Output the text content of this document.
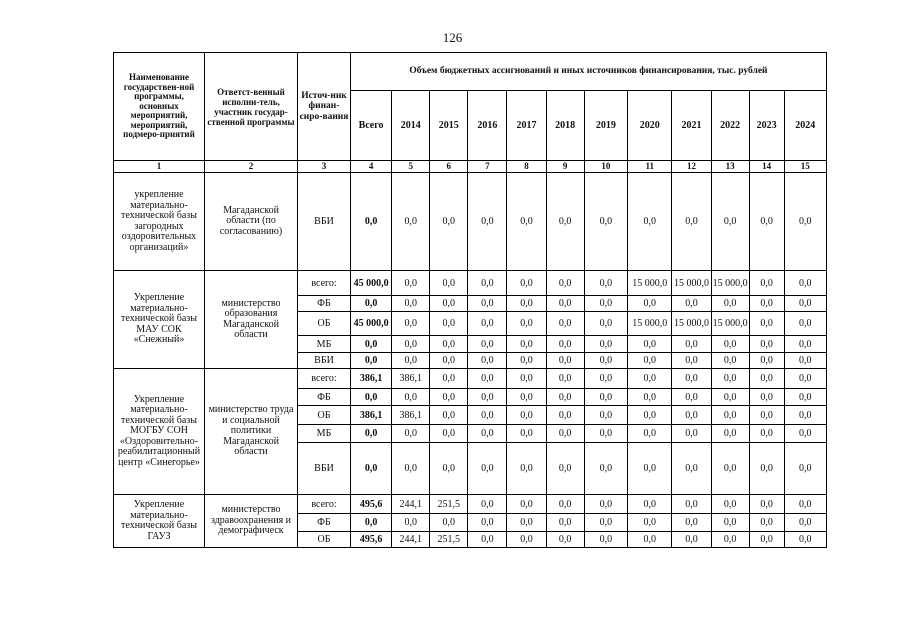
126
Наименование государствен-ной программы, основных мероприятий, мероприятий, подмеро-приятий	Ответст-венный исполни-тель, участник государ-ственной программы	Источ-ник финан-сиро-вания	Объем бюджетных ассигнований и иных источников финансирования, тыс. рублей											
			Всего	2014	2015	2016	2017	2018	2019	2020	2021	2022	2023	2024
1	2	3	4	5	6	7	8	9	10	11	12	13	14	15
укрепление материально-технической базы загородных оздоровительных организаций»	Магаданской области (по согласованию)	ВБИ	0,0	0,0	0,0	0,0	0,0	0,0	0,0	0,0	0,0	0,0	0,0	0,0
Укрепление материально-технической базы МАУ СОК «Снежный»	министерство образования Магаданской области	всего:	45 000,0	0,0	0,0	0,0	0,0	0,0	0,0	15 000,0	15 000,0	15 000,0	0,0	0,0
		ФБ	0,0	0,0	0,0	0,0	0,0	0,0	0,0	0,0	0,0	0,0	0,0	0,0
		ОБ	45 000,0	0,0	0,0	0,0	0,0	0,0	0,0	15 000,0	15 000,0	15 000,0	0,0	0,0
		МБ	0,0	0,0	0,0	0,0	0,0	0,0	0,0	0,0	0,0	0,0	0,0	0,0
		ВБИ	0,0	0,0	0,0	0,0	0,0	0,0	0,0	0,0	0,0	0,0	0,0	0,0
Укрепление материально-технической базы МОГБУ СОН «Оздоровительно-реабилитационный центр «Синегорье»	министерство труда и социальной политики Магаданской области	всего:	386,1	386,1	0,0	0,0	0,0	0,0	0,0	0,0	0,0	0,0	0,0	0,0
		ФБ	0,0	0,0	0,0	0,0	0,0	0,0	0,0	0,0	0,0	0,0	0,0	0,0
		ОБ	386,1	386,1	0,0	0,0	0,0	0,0	0,0	0,0	0,0	0,0	0,0	0,0
		МБ	0,0	0,0	0,0	0,0	0,0	0,0	0,0	0,0	0,0	0,0	0,0	0,0
		ВБИ	0,0	0,0	0,0	0,0	0,0	0,0	0,0	0,0	0,0	0,0	0,0	0,0
Укрепление материально-технической базы ГАУЗ	министерство здравоохранения и демографическ	всего:	495,6	244,1	251,5	0,0	0,0	0,0	0,0	0,0	0,0	0,0	0,0	0,0
		ФБ	0,0	0,0	0,0	0,0	0,0	0,0	0,0	0,0	0,0	0,0	0,0	0,0
		ОБ	495,6	244,1	251,5	0,0	0,0	0,0	0,0	0,0	0,0	0,0	0,0	0,0
